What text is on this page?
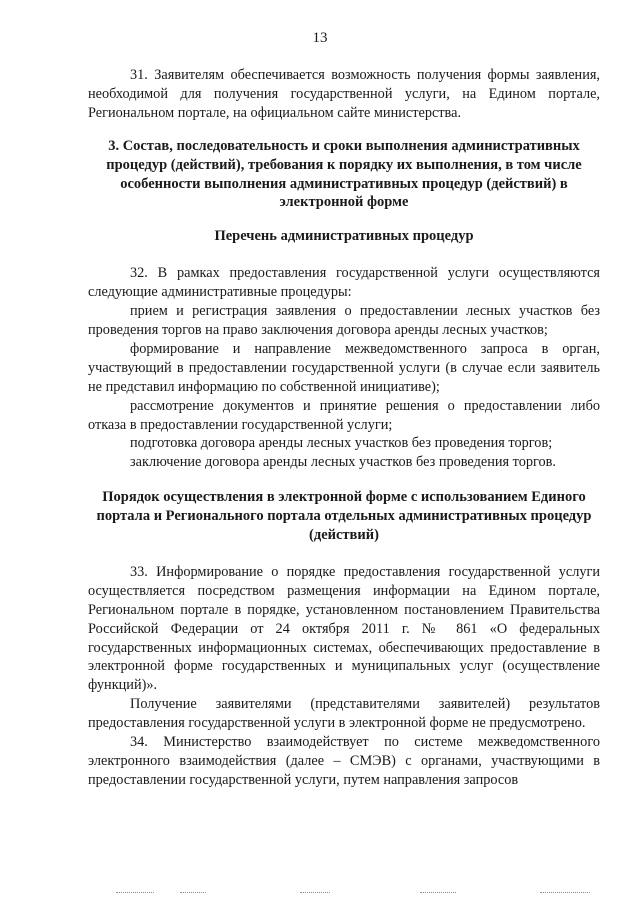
13

31. Заявителям обеспечивается возможность получения формы заявления, необходимой для получения государственной услуги, на Едином портале, Региональном портале, на официальном сайте министерства.

3. Состав, последовательность и сроки выполнения административных процедур (действий), требования к порядку их выполнения, в том числе особенности выполнения административных процедур (действий) в электронной форме

Перечень административных процедур

32. В рамках предоставления государственной услуги осуществляются следующие административные процедуры:

прием и регистрация заявления о предоставлении лесных участков без проведения торгов на право заключения договора аренды лесных участков;

формирование и направление межведомственного запроса в орган, участвующий в предоставлении государственной услуги (в случае если заявитель не представил информацию по собственной инициативе);

рассмотрение документов и принятие решения о предоставлении либо отказа в предоставлении государственной услуги;

подготовка договора аренды лесных участков без проведения торгов;

заключение договора аренды лесных участков без проведения торгов.

Порядок осуществления в электронной форме с использованием Единого портала и Регионального портала отдельных административных процедур (действий)

33. Информирование о порядке предоставления государственной услуги осуществляется посредством размещения информации на Едином портале, Региональном портале в порядке, установленном постановлением Правительства Российской Федерации от 24 октября 2011 г. № 861 «О федеральных государственных информационных системах, обеспечивающих предоставление в электронной форме государственных и муниципальных услуг (осуществление функций)».

Получение заявителями (представителями заявителей) результатов предоставления государственной услуги в электронной форме не предусмотрено.

34. Министерство взаимодействует по системе межведомственного электронного взаимодействия (далее – СМЭВ) с органами, участвующими в предоставлении государственной услуги, путем направления запросов
